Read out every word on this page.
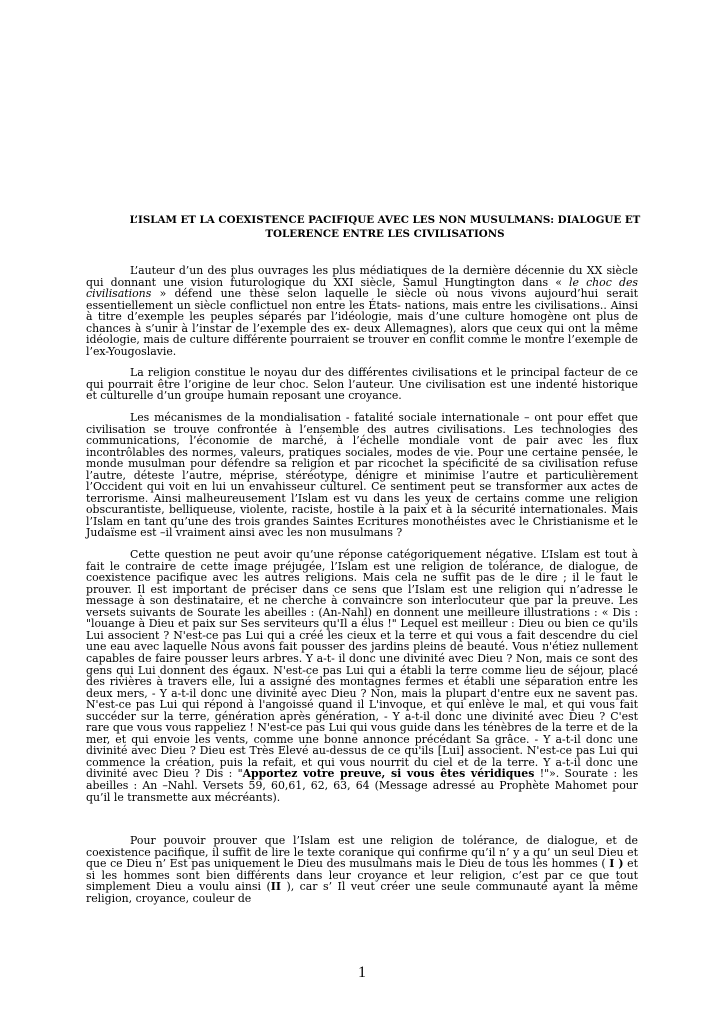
L’ISLAM ET LA COEXISTENCE PACIFIQUE AVEC LES NON MUSULMANS: DIALOGUE ET
TOLERENCE ENTRE LES CIVILISATIONS

L’auteur d’un des plus ouvrages les plus médiatiques de la dernière décennie du XX siècle qui donnant une vision futurologique du XXI siècle, Samul Hungtington dans « le choc des civilisations » défend une thèse selon laquelle le siècle où nous vivons aujourd’hui serait essentiellement un siècle conflictuel non entre les États- nations, mais entre les civilisations.. Ainsi à titre d’exemple les peuples séparés par l’idéologie, mais d’une culture homogène ont plus de chances à s’unir à l’instar de l’exemple des ex- deux Allemagnes), alors que ceux qui ont la même idéologie, mais de culture différente pourraient se trouver en conflit comme le montre l’exemple de l’ex-Yougoslavie.

La religion constitue le noyau dur des différentes civilisations et le principal facteur de ce qui pourrait être l’origine de leur choc. Selon l’auteur. Une civilisation est une indenté historique et culturelle d’un groupe humain reposant une croyance.

Les mécanismes de la mondialisation - fatalité sociale internationale – ont pour effet que civilisation se trouve confrontée à l’ensemble des autres civilisations. Les technologies des communications, l’économie de marché, à l’échelle mondiale vont de pair avec les flux incontrôlables des normes, valeurs, pratiques sociales, modes de vie. Pour une certaine pensée, le monde musulman pour défendre sa religion et par ricochet la spécificité de sa civilisation refuse l’autre, déteste l’autre, méprise, stéréotype, dénigre et minimise l’autre et particulièrement l’Occident qui voit en lui un envahisseur culturel. Ce sentiment peut se transformer aux actes de terrorisme. Ainsi malheureusement l’Islam est vu dans les yeux de certains comme une religion obscurantiste, belliqueuse, violente, raciste, hostile à la paix et à la sécurité internationales. Mais l’Islam en tant qu’une des trois grandes Saintes Ecritures monothéistes avec le Christianisme et le Judaïsme est –il vraiment ainsi avec les non musulmans ?

Cette question ne peut avoir qu’une réponse catégoriquement négative. L’Islam est tout à fait le contraire de cette image préjugée, l’Islam est une religion de tolérance, de dialogue, de coexistence pacifique avec les autres religions. Mais cela ne suffit pas de le dire ; il le faut le prouver. Il est important de préciser dans ce sens que l’Islam est une religion qui n’adresse le message à son destinataire, et ne cherche à convaincre son interlocuteur que par la preuve. Les versets suivants de Sourate les abeilles : (An-Nahl) en donnent une meilleure illustrations : « Dis : "louange à Dieu et paix sur Ses serviteurs qu'Il a élus !" Lequel est meilleur : Dieu ou bien ce qu'ils Lui associent ? N'est-ce pas Lui qui a créé les cieux et la terre et qui vous a fait descendre du ciel une eau avec laquelle Nous avons fait pousser des jardins pleins de beauté. Vous n'étiez nullement capables de faire pousser leurs arbres. Y a-t- il donc une divinité avec Dieu ? Non, mais ce sont des gens qui Lui donnent des égaux. N'est-ce pas Lui qui a établi la terre comme lieu de séjour, placé des rivières à travers elle, lui a assigné des montagnes fermes et établi une séparation entre les deux mers, - Y a-t-il donc une divinité avec Dieu ? Non, mais la plupart d'entre eux ne savent pas. N'est-ce pas Lui qui répond à l'angoissé quand il L'invoque, et qui enlève le mal, et qui vous fait succéder sur la terre, génération après génération, - Y a-t-il donc une divinité avec Dieu ? C'est rare que vous vous rappeliez ! N'est-ce pas Lui qui vous guide dans les ténèbres de la terre et de la mer, et qui envoie les vents, comme une bonne annonce précédant Sa grâce. - Y a-t-il donc une divinité avec Dieu ? Dieu est Très Elevé au-dessus de ce qu'ils [Lui] associent. N'est-ce pas Lui qui commence la création, puis la refait, et qui vous nourrit du ciel et de la terre. Y a-t-il donc une divinité avec Dieu ? Dis : "Apportez votre preuve, si vous êtes véridiques !"». Sourate : les abeilles : An –Nahl. Versets 59, 60,61, 62, 63, 64 (Message adressé au Prophète Mahomet pour qu’il le transmette aux mécréants).

Pour pouvoir prouver que l’Islam est une religion de tolérance, de dialogue, et de coexistence pacifique, il suffit de lire le texte coranique qui confirme qu’il n’ y a qu’ un seul Dieu et que ce Dieu n’ Est pas uniquement le Dieu des musulmans mais le Dieu de tous les hommes ( I ) et si les hommes sont bien différents dans leur croyance et leur religion, c’est par ce que tout simplement Dieu a voulu ainsi (II ), car s’ Il veut créer une seule communauté ayant la même religion, croyance, couleur de

1
